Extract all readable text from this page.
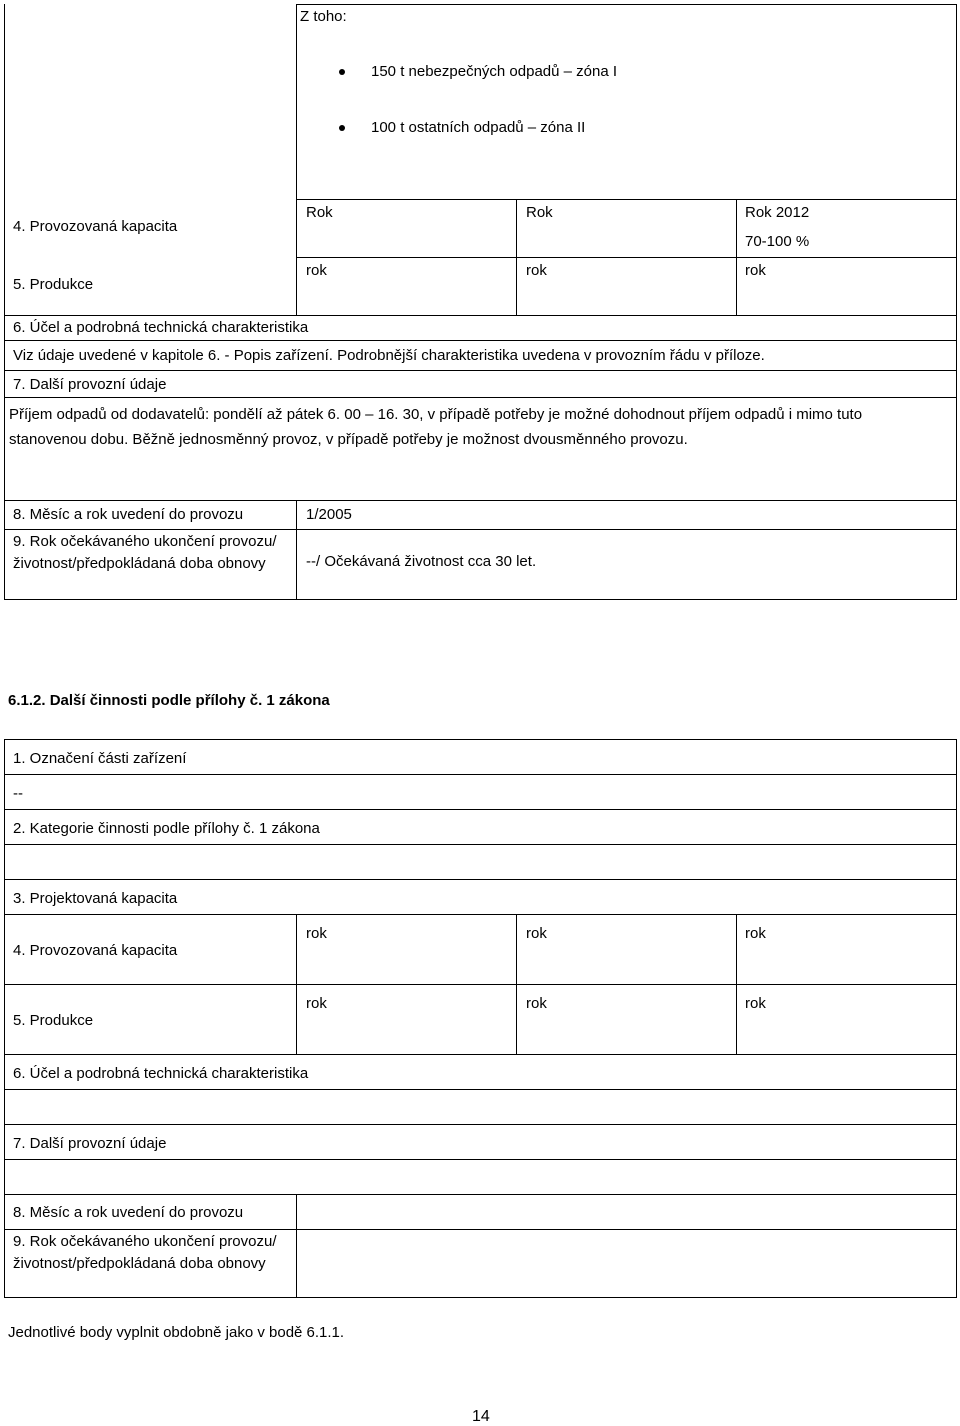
Z toho:
150 t nebezpečných odpadů – zóna I
100 t ostatních odpadů – zóna II
4. Provozovaná kapacita
Rok	Rok	Rok 2012
70-100 %
5. Produkce
rok	rok	rok
6. Účel a podrobná technická charakteristika
Viz údaje uvedené v kapitole 6. - Popis zařízení. Podrobnější charakteristika uvedena v provozním řádu v příloze.
7. Další provozní údaje
Příjem odpadů od dodavatelů: pondělí až pátek 6. 00 – 16. 30, v případě potřeby je možné dohodnout příjem odpadů i mimo tuto
stanovenou dobu. Běžně jednosměnný provoz, v případě potřeby je možnost dvousměnného provozu.
8. Měsíc a rok uvedení do provozu	1/2005
9. Rok očekávaného ukončení provozu/životnost/předpokládaná doba obnovy	--/ Očekávaná životnost cca 30 let.
6.1.2. Další činnosti podle přílohy č. 1 zákona
1. Označení části zařízení
--
2. Kategorie činnosti podle přílohy č. 1 zákona
3. Projektovaná kapacita
4. Provozovaná kapacita
rok	rok	rok
5. Produkce
rok	rok	rok
6. Účel a podrobná technická charakteristika
7. Další provozní údaje
8. Měsíc a rok uvedení do provozu
9. Rok očekávaného ukončení provozu/životnost/předpokládaná doba obnovy
Jednotlivé body vyplnit obdobně jako v bodě 6.1.1.
14
